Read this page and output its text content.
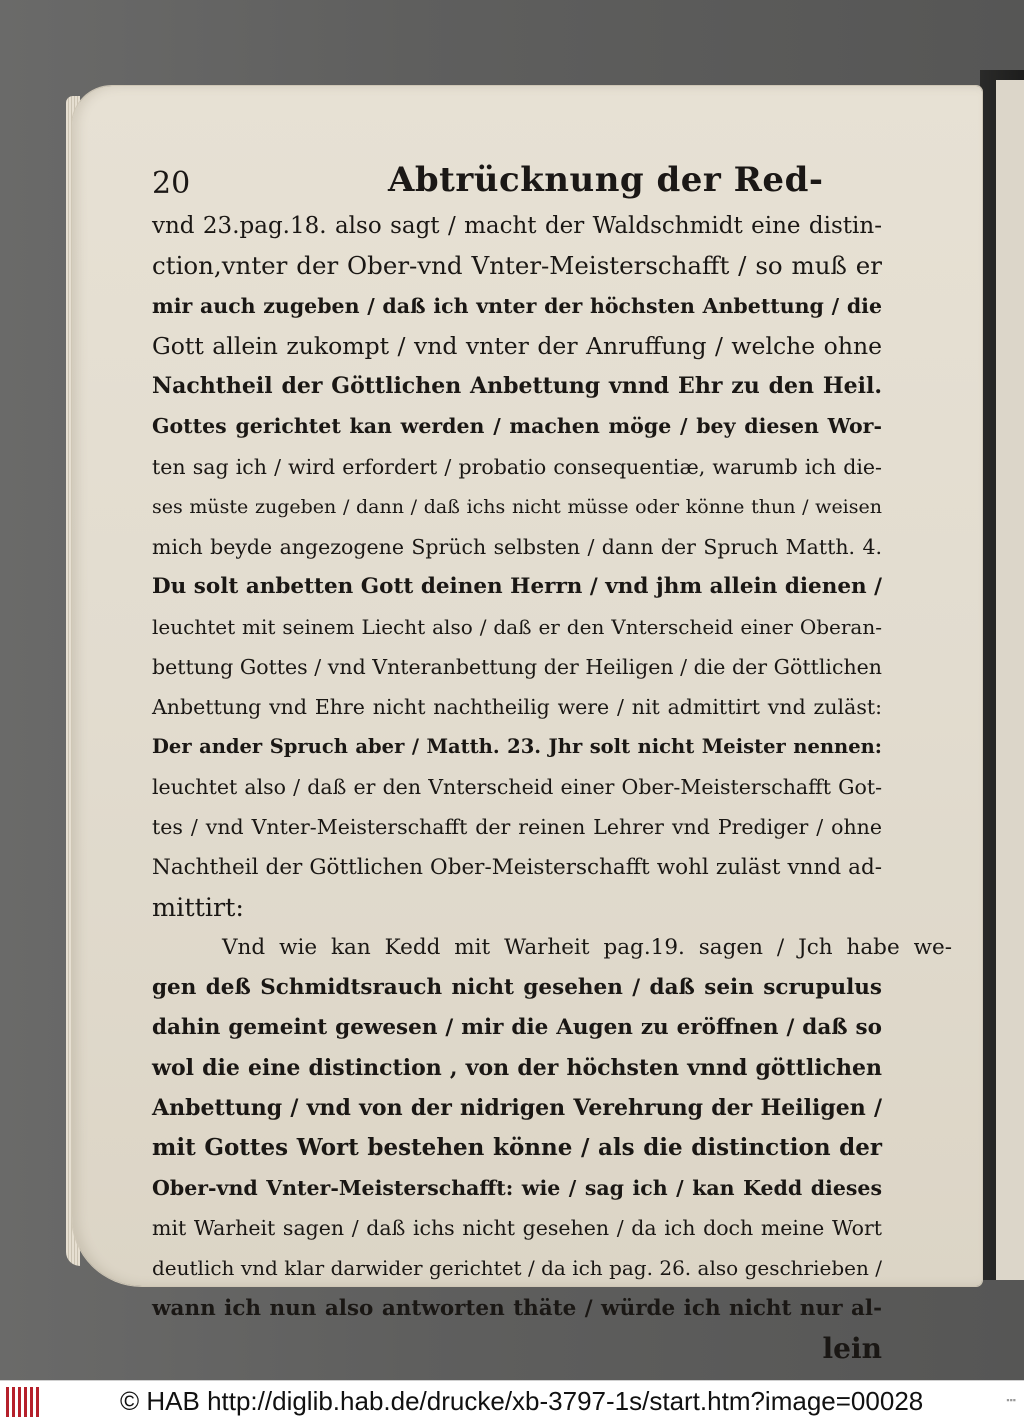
20	Abtrücknung der Red‑
vnd 23.pag.18. also sagt / macht der Waldschmidt eine distin-
ction,vnter der Ober-vnd Vnter-Meisterschafft / so muß er
mir auch zugeben / daß ich vnter der höchsten Anbettung / die
Gott allein zukompt / vnd vnter der Anruffung / welche ohne
Nachtheil der Göttlichen Anbettung vnnd Ehr zu den Heil.
Gottes gerichtet kan werden / machen möge / bey diesen Wor-
ten sag ich / wird erfordert / probatio consequentiæ, warumb ich die-
ses müste zugeben / dann / daß ichs nicht müsse oder könne thun / weisen
mich beyde angezogene Sprüch selbsten / dann der Spruch Matth. 4.
Du solt anbetten Gott deinen Herrn / vnd jhm allein dienen /
leuchtet mit seinem Liecht also / daß er den Vnterscheid einer Oberan-
bettung Gottes / vnd Vnteranbettung der Heiligen / die der Göttlichen
Anbettung vnd Ehre nicht nachtheilig were / nit admittirt vnd zuläst:
Der ander Spruch aber / Matth. 23. Jhr solt nicht Meister nennen:
leuchtet also / daß er den Vnterscheid einer Ober-Meisterschafft Got-
tes / vnd Vnter-Meisterschafft der reinen Lehrer vnd Prediger / ohne
Nachtheil der Göttlichen Ober-Meisterschafft wohl zuläst vnnd ad-
mittirt:
Vnd wie kan Kedd mit Warheit pag.19. sagen / Jch habe we-
gen deß Schmidtsrauch nicht gesehen / daß sein scrupulus
dahin gemeint gewesen / mir die Augen zu eröffnen / daß so
wol die eine distinction , von der höchsten vnnd göttlichen
Anbettung / vnd von der nidrigen Verehrung der Heiligen /
mit Gottes Wort bestehen könne / als die distinction der
Ober-vnd Vnter-Meisterschafft: wie / sag ich / kan Kedd dieses
mit Warheit sagen / daß ichs nicht gesehen / da ich doch meine Wort
deutlich vnd klar darwider gerichtet / da ich pag. 26. also geschrieben /
wann ich nun also antworten thäte / würde ich nicht nur al-
lein
© HAB http://diglib.hab.de/drucke/xb-3797-1s/start.htm?image=00028	▪▪▪
